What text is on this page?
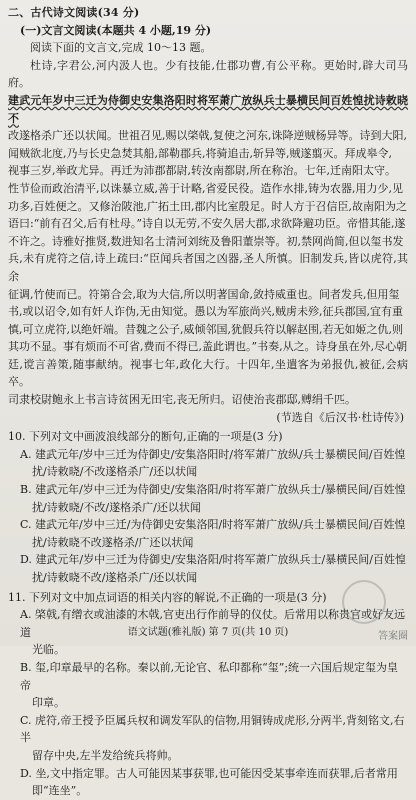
二、古代诗文阅读(34 分)
(一)文言文阅读(本题共 4 小题,19 分)

阅读下面的文言文,完成 10～13 题。

杜诗,字君公,河内汲人也。少有技能,仕郡功曹,有公平称。更始时,辟大司马府。

建武元年岁中三迁为侍御史安集洛阳时将军萧广放纵兵士暴横民间百姓惶扰诗敕晓不

改遂格杀广还以状闻。世祖召见,赐以棨戟,复使之河东,诛降逆贼杨异等。诗到大阳,

闻贼欲北度,乃与长史急焚其船,部勒郡兵,将骑追击,斩异等,贼遂翦灭。拜成皋令,

视事三岁,举政尤异。再迁为沛郡都尉,转汝南都尉,所在称治。七年,迁南阳太守。

性节俭而政治清平,以诛暴立威,善于计略,省爱民役。造作水排,铸为农器,用力少,见

功多,百姓便之。又修治陂池,广拓土田,郡内比室殷足。时人方于召信臣,故南阳为之

语曰:“前有召父,后有杜母。”诗自以无劳,不安久居大郡,求欲降避功臣。帝惜其能,遂

不许之。诗雅好推贤,数进知名士清河刘统及鲁阳董崇等。初,禁网尚简,但以玺书发

兵,未有虎符之信,诗上疏曰:“臣闻兵者国之凶器,圣人所慎。旧制发兵,皆以虎符,其余

征调,竹使而已。符第合会,取为大信,所以明著国命,敛持威重也。间者发兵,但用玺

书,或以诏令,如有奸人诈伪,无由知觉。愚以为军旅尚兴,贼虏未殄,征兵郡国,宜有重

慎,可立虎符,以绝奸端。昔魏之公子,威倾邻国,犹假兵符以解赵围,若无如姬之仇,则

其功不显。事有烦而不可省,费而不得已,盖此谓也。”书奏,从之。诗身虽在外,尽心朝

廷,谠言善策,随事献纳。视事七年,政化大行。十四年,坐遣客为弟报仇,被征,会病卒。

司隶校尉鲍永上书言诗贫困无田宅,丧无所归。诏使治丧郡邸,赙绢千匹。

(节选自《后汉书·杜诗传》)
10. 下列对文中画波浪线部分的断句,正确的一项是(3 分)
A. 建武元年/岁中三迁为侍御史/安集洛阳时/将军萧广放纵/兵士暴横民间/百姓惶
扰/诗敕晓/不改遂格杀广/还以状闻
B. 建武元年/岁中三迁为侍御史/安集洛阳/时将军萧广放纵兵士/暴横民间/百姓惶
扰/诗敕晓/不改/遂格杀广/还以状闻
C. 建武元年/岁中三迁/为侍御史安集洛阳/时将军萧广放纵/兵士暴横民间/百姓惶
扰/诗敕晓不改遂格杀/广还以状闻
D. 建武元年/岁中三迁为侍御史/安集洛阳/时将军萧广放纵兵士/暴横民间/百姓惶
扰/诗敕晓不改/遂格杀广/还以状闻
11. 下列对文中加点词语的相关内容的解说,不正确的一项是(3 分)
A. 棨戟,有缯衣或油漆的木戟,官吏出行作前导的仪仗。后常用以称贵官或好友远道
光临。
B. 玺,印章最早的名称。秦以前,无论官、私印都称“玺”;统一六国后规定玺为皇帝
印章。
C. 虎符,帝王授予臣属兵权和调发军队的信物,用铜铸成虎形,分两半,背刻铭文,右半
留存中央,左半发给统兵将帅。
D. 坐,文中指定罪。古人可能因某事获罪,也可能因受某事牵连而获罪,后者常用
即“连坐”。
语文试题(雅礼版) 第 7 页(共 10 页)	答案圈
